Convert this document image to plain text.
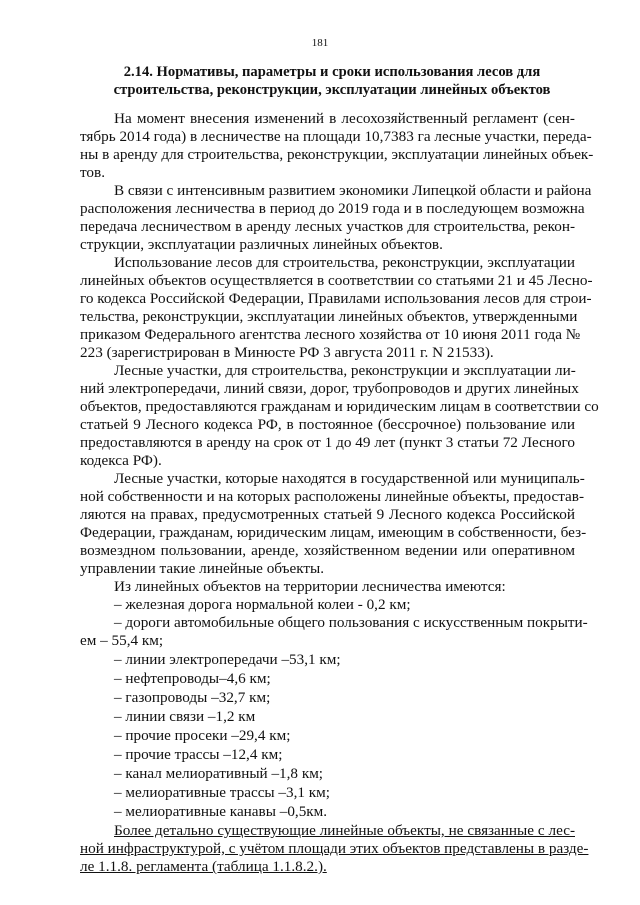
181
2.14. Нормативы, параметры и сроки использования лесов для
строительства, реконструкции, эксплуатации линейных объектов
На момент внесения изменений в лесохозяйственный регламент (сен-
тябрь 2014 года) в лесничестве на площади 10,7383 га лесные участки, переда-
ны в аренду для строительства, реконструкции, эксплуатации линейных объек-
тов.
В связи с интенсивным развитием экономики Липецкой области и района
расположения лесничества в период до 2019 года и в последующем возможна
передача лесничеством в аренду лесных участков для строительства, рекон-
струкции, эксплуатации различных линейных объектов.
Использование лесов для строительства, реконструкции, эксплуатации
линейных объектов осуществляется в соответствии со статьями 21 и 45 Лесно-
го кодекса Российской Федерации, Правилами использования лесов для строи-
тельства, реконструкции, эксплуатации линейных объектов, утвержденными
приказом Федерального агентства лесного хозяйства от 10 июня 2011 года №
223 (зарегистрирован в Минюсте РФ 3 августа 2011 г. N 21533).
Лесные участки, для строительства, реконструкции и эксплуатации ли-
ний электропередачи, линий связи, дорог, трубопроводов и других линейных
объектов, предоставляются гражданам и юридическим лицам в соответствии со
статьей 9 Лесного кодекса РФ, в постоянное (бессрочное) пользование или
предоставляются в аренду на срок от 1 до 49 лет (пункт 3 статьи 72 Лесного
кодекса РФ).
Лесные участки, которые находятся в государственной или муниципаль-
ной собственности и на которых расположены линейные объекты, предостав-
ляются на правах, предусмотренных статьей 9 Лесного кодекса Российской
Федерации, гражданам, юридическим лицам, имеющим в собственности, без-
возмездном пользовании, аренде, хозяйственном ведении или оперативном
управлении такие линейные объекты.
Из линейных объектов на территории лесничества имеются:
– железная дорога нормальной колеи - 0,2 км;
– дороги автомобильные общего пользования с искусственным покрыти-
ем – 55,4 км;
– линии электропередачи –53,1 км;
– нефтепроводы–4,6 км;
– газопроводы –32,7 км;
– линии связи –1,2 км
– прочие просеки –29,4 км;
– прочие трассы –12,4 км;
– канал мелиоративный –1,8 км;
– мелиоративные трассы –3,1 км;
– мелиоративные канавы –0,5км.
Более детально существующие линейные объекты, не связанные с лес-
ной инфраструктурой, с учётом площади этих объектов представлены в разде-
ле 1.1.8. регламента (таблица 1.1.8.2.).
